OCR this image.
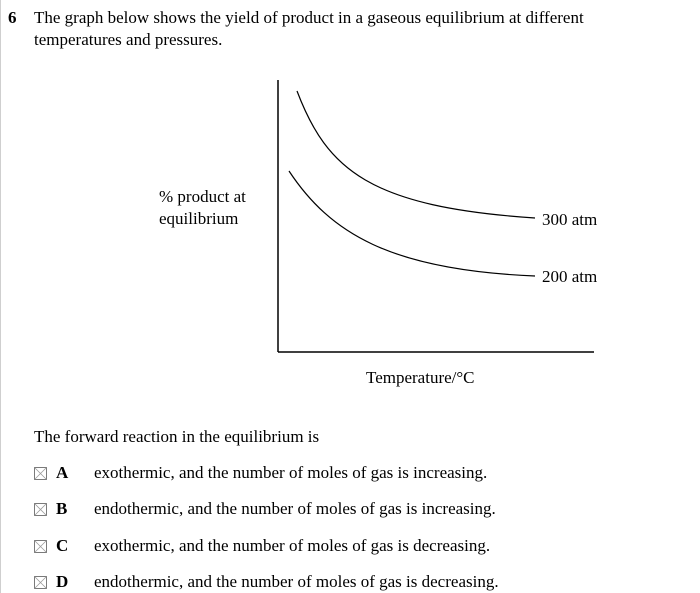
6 The graph below shows the yield of product in a gaseous equilibrium at different
temperatures and pressures.
300 atm
200 atm
% product at
equilibrium
Temperature/°C
The forward reaction in the equilibrium is
A exothermic, and the number of moles of gas is increasing.
B endothermic, and the number of moles of gas is increasing.
C exothermic, and the number of moles of gas is decreasing.
D endothermic, and the number of moles of gas is decreasing.
